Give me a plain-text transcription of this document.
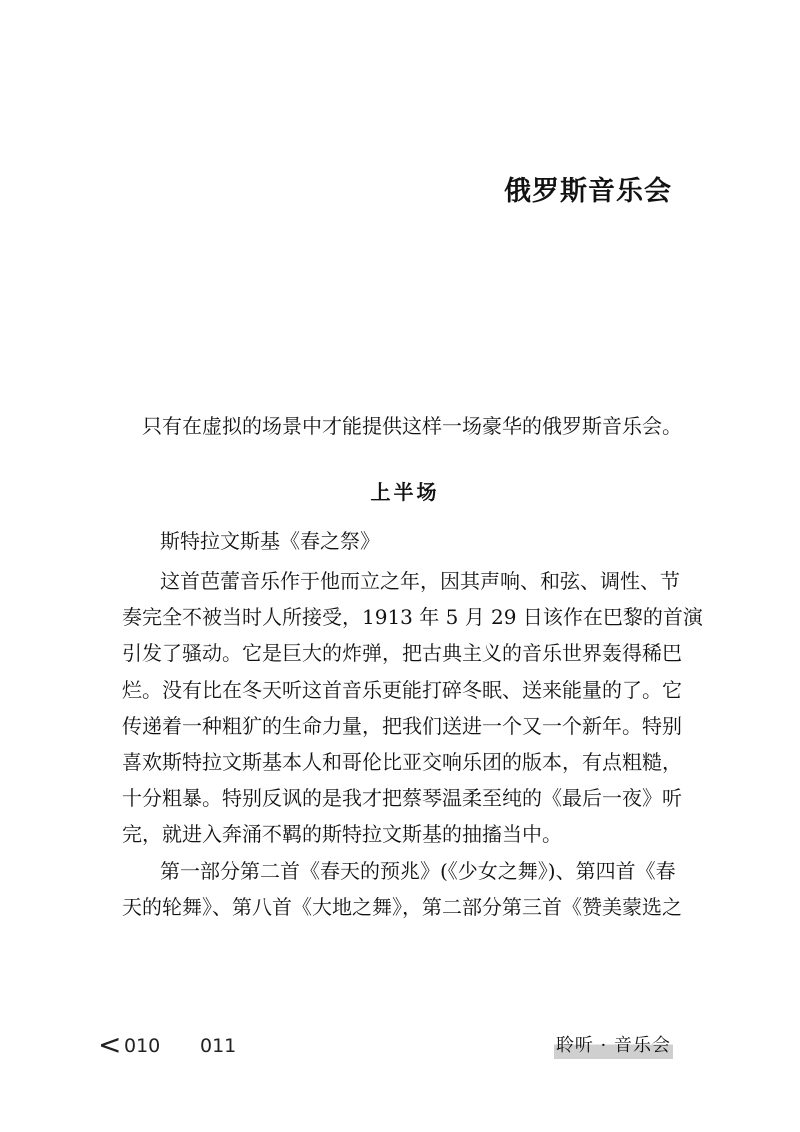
俄罗斯音乐会

只有在虚拟的场景中才能提供这样一场豪华的俄罗斯音乐会。

上半场

斯特拉文斯基《春之祭》

这首芭蕾音乐作于他而立之年，因其声响、和弦、调性、节
奏完全不被当时人所接受，1913 年 5 月 29 日该作在巴黎的首演
引发了骚动。它是巨大的炸弹，把古典主义的音乐世界轰得稀巴
烂。没有比在冬天听这首音乐更能打碎冬眠、送来能量的了。它
传递着一种粗犷的生命力量，把我们送进一个又一个新年。特别
喜欢斯特拉文斯基本人和哥伦比亚交响乐团的版本，有点粗糙，
十分粗暴。特别反讽的是我才把蔡琴温柔至纯的《最后一夜》听
完，就进入奔涌不羁的斯特拉文斯基的抽搐当中。
第一部分第二首《春天的预兆》(《少女之舞》)、第四首《春
天的轮舞》、第八首《大地之舞》，第二部分第三首《赞美蒙选之
< 010 011	聆听 · 音乐会
